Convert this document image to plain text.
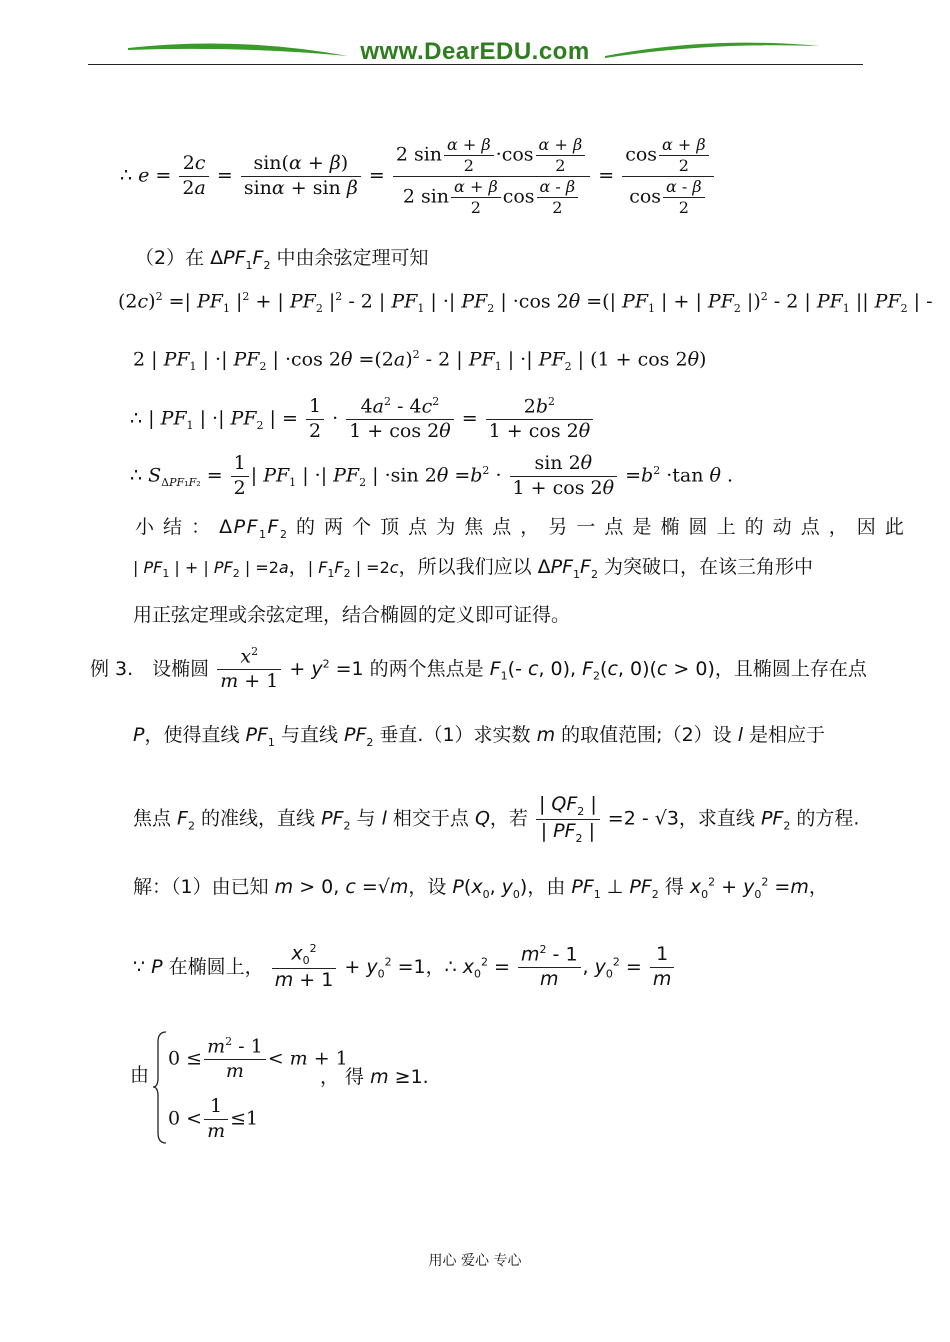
www.DearEDU.com
∴ $e = \frac{2c}{2a} = \frac{\sin(\alpha + \beta)}{\text{sinα + sin β}} = \frac{2 \sin \frac{\alpha + \beta}{2} \cdot\cos \frac{\alpha + \beta}{2}}{2 \sin \frac{\alpha + \beta}{2} \cos \frac{\alpha - \beta}{2}} = \frac{\cos \frac{\alpha + \beta}{2}}{\cos \frac{\alpha - \beta}{2}}$
（2）在 $\Delta PF_1F_2$ 中由余弦定理可知
$(2c)^2$ =| $PF_1$ $|^2$ + | $PF_2$ $|^2 - 2$ | $PF_1$ | ·| $PF_2$ | ·cos 2θ =(| $PF_1$ | + | $PF_2$ |)$^2$ - 2 | $PF_1$ || $PF_2$ | -
2 | $PF_1$ | ·| $PF_2$ | ·cos $2\theta =(2a)^2 - 2$ | $PF_1$ | ·| $PF_2$ | (1 + cos 2θ)
∴ | $PF_1$ | ·| $PF_2$ | = $\frac{1}{2} \cdot \frac{4a^2 - 4c^2}{1 + \cos 2\theta} = \frac{2b^2}{1 + \cos 2\theta}$
∴ $S_{\Delta PF_1F_2} = \frac{1}{2}$ | $PF_1$ | ·| $PF_2$ | ·sin $2\theta =b^2 \cdot \frac{\sin 2\theta}{1 + \cos 2\theta} =b^2 \cdot\tan$ θ .
小 结 ： $\Delta PF_1F_2$ 的 两 个 顶 点 为 焦 点 ， 另 一 点 是 椭 圆 上 的 动 点 ， 因 此
| $PF_1$ | + | $PF_2$ | =2a，| $F_1F_2$ | =2c，所以我们应以 $\Delta PF_1F_2$ 为突破口，在该三角形中
用正弦定理或余弦定理，结合椭圆的定义即可证得。
例 3.　设椭圆 $\frac{x^2}{m + 1} + y^2 =1$ 的两个焦点是 $F_1(-$ c, 0), $F_2(c$, 0)(c > 0)，且椭圆上存在点
P，使得直线 $PF_1$ 与直线 $PF_2$ 垂直.（1）求实数 m 的取值范围;（2）设 l 是相应于
焦点 $F_2$ 的准线，直线 $PF_2$ 与 l 相交于点 Q，若 $\frac{| QF_2 |}{| PF_2 |} =2 - √3$，求直线 $PF_2$ 的方程.
解：（1）由已知 m > 0, c =√m，设 $P(x_0$, $y_0$)，由 $PF_1$ ⊥ $PF_2$ 得 $x_0^2 + y_0^2 =m$，
∵ P 在椭圆上， $\frac{x_0^2}{m + 1} + y_0^2 =1$，∴ $x_0^2 = \frac{m^2 - 1}{m}$ , $y_0^2 = \frac{1}{m}$
由
$0 \le \frac{m^2 - 1}{m} < m + 1$
$0 < \frac{1}{m} \le 1$
， 得 m ≥1.
用心 爱心 专心
